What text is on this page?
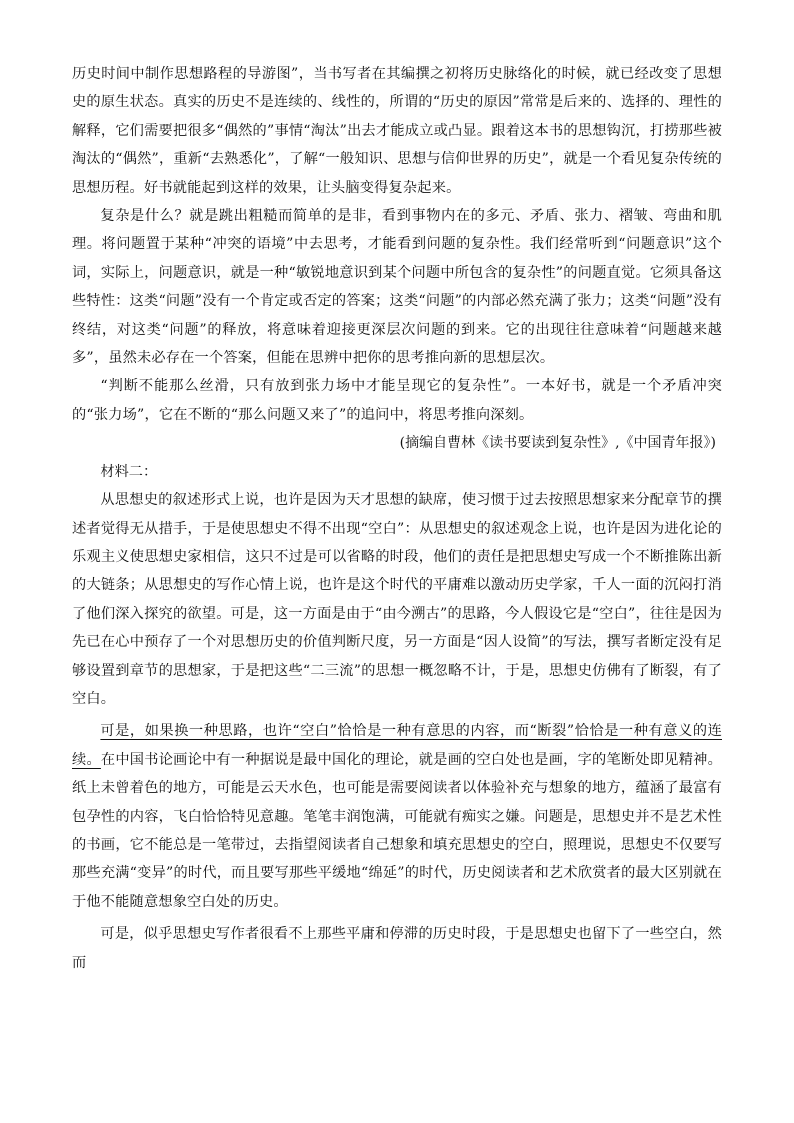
历史时间中制作思想路程的导游图”，当书写者在其编撰之初将历史脉络化的时候，就已经改变了思想史的原生状态。真实的历史不是连续的、线性的，所谓的“历史的原因”常常是后来的、选择的、理性的解释，它们需要把很多“偶然的”事情“淘汰”出去才能成立或凸显。跟着这本书的思想钩沉，打捞那些被淘汰的“偶然”，重新“去熟悉化”，了解“一般知识、思想与信仰世界的历史”，就是一个看见复杂传统的思想历程。好书就能起到这样的效果，让头脑变得复杂起来。

复杂是什么？就是跳出粗糙而简单的是非，看到事物内在的多元、矛盾、张力、褶皱、弯曲和肌理。将问题置于某种“冲突的语境”中去思考，才能看到问题的复杂性。我们经常听到“问题意识”这个词，实际上，问题意识，就是一种“敏锐地意识到某个问题中所包含的复杂性”的问题直觉。它须具备这些特性：这类“问题”没有一个肯定或否定的答案；这类“问题”的内部必然充满了张力；这类“问题”没有终结，对这类“问题”的释放，将意味着迎接更深层次问题的到来。它的出现往往意味着“问题越来越多”，虽然未必存在一个答案，但能在思辨中把你的思考推向新的思想层次。

“判断不能那么丝滑，只有放到张力场中才能呈现它的复杂性”。一本好书，就是一个矛盾冲突的“张力场”，它在不断的“那么问题又来了”的追问中，将思考推向深刻。

(摘编自曹林《读书要读到复杂性》,《中国青年报》)

材料二：

从思想史的叙述形式上说，也许是因为天才思想的缺席，使习惯于过去按照思想家来分配章节的撰述者觉得无从措手，于是使思想史不得不出现“空白”：从思想史的叙述观念上说，也许是因为进化论的乐观主义使思想史家相信，这只不过是可以省略的时段，他们的责任是把思想史写成一个不断推陈出新的大链条；从思想史的写作心情上说，也许是这个时代的平庸难以激动历史学家，千人一面的沉闷打消了他们深入探究的欲望。可是，这一方面是由于“由今溯古”的思路，今人假设它是“空白”，往往是因为先已在心中预存了一个对思想历史的价值判断尺度，另一方面是“因人设简”的写法，撰写者断定没有足够设置到章节的思想家，于是把这些“二三流”的思想一概忽略不计，于是，思想史仿佛有了断裂，有了空白。

可是，如果换一种思路，也许“空白”恰恰是一种有意思的内容，而“断裂”恰恰是一种有意义的连续。在中国书论画论中有一种据说是最中国化的理论，就是画的空白处也是画，字的笔断处即见精神。纸上未曾着色的地方，可能是云天水色，也可能是需要阅读者以体验补充与想象的地方，蕴涵了最富有包孕性的内容，飞白恰恰特见意趣。笔笔丰润饱满，可能就有痴实之嫌。问题是，思想史并不是艺术性的书画，它不能总是一笔带过，去指望阅读者自己想象和填充思想史的空白，照理说，思想史不仅要写那些充满“变异”的时代，而且要写那些平缓地“绵延”的时代，历史阅读者和艺术欣赏者的最大区别就在于他不能随意想象空白处的历史。

可是，似乎思想史写作者很看不上那些平庸和停滞的历史时段，于是思想史也留下了一些空白，然而
